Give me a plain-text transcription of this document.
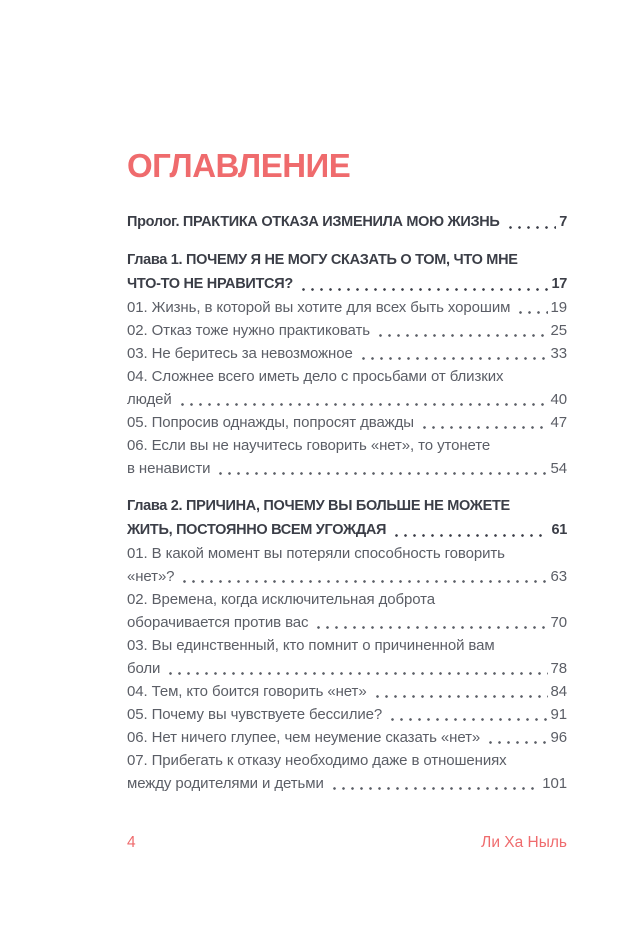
ОГЛАВЛЕНИЕ
Пролог. ПРАКТИКА ОТКАЗА ИЗМЕНИЛА МОЮ ЖИЗНЬ	7
Глава 1. ПОЧЕМУ Я НЕ МОГУ СКАЗАТЬ О ТОМ, ЧТО МНЕ
ЧТО-ТО НЕ НРАВИТСЯ?	17
01. Жизнь, в которой вы хотите для всех быть хорошим	19
02. Отказ тоже нужно практиковать	25
03. Не беритесь за невозможное	33
04. Сложнее всего иметь дело с просьбами от близких
людей	40
05. Попросив однажды, попросят дважды	47
06. Если вы не научитесь говорить «нет», то утонете
в ненависти	54
Глава 2. ПРИЧИНА, ПОЧЕМУ ВЫ БОЛЬШЕ НЕ МОЖЕТЕ
ЖИТЬ, ПОСТОЯННО ВСЕМ УГОЖДАЯ	61
01. В какой момент вы потеряли способность говорить
«нет»?	63
02. Времена, когда исключительная доброта
оборачивается против вас	70
03. Вы единственный, кто помнит о причиненной вам
боли	78
04. Тем, кто боится говорить «нет»	84
05. Почему вы чувствуете бессилие?	91
06. Нет ничего глупее, чем неумение сказать «нет»	96
07. Прибегать к отказу необходимо даже в отношениях
между родителями и детьми	101
4	Ли Ха Ныль
